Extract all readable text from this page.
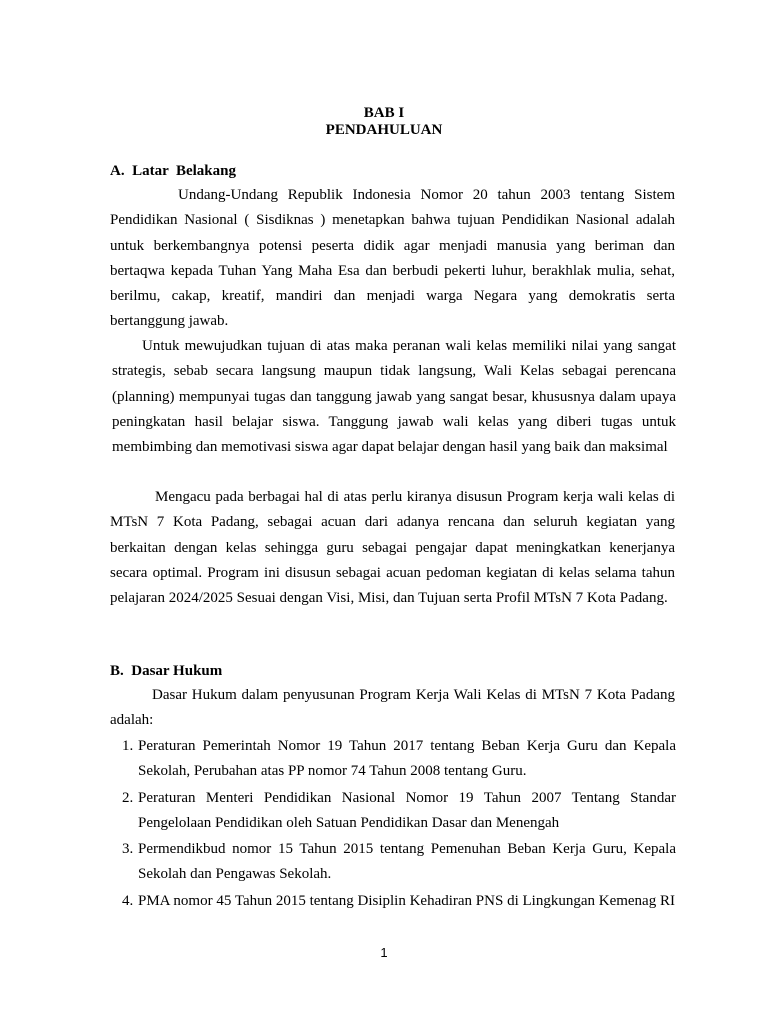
BAB I
PENDAHULUAN
A.  Latar  Belakang

Undang-Undang Republik Indonesia Nomor 20 tahun 2003 tentang Sistem Pendidikan Nasional ( Sisdiknas ) menetapkan bahwa tujuan Pendidikan Nasional adalah untuk berkembangnya potensi peserta didik agar menjadi manusia yang beriman dan bertaqwa kepada Tuhan Yang Maha Esa dan berbudi pekerti luhur, berakhlak mulia, sehat, berilmu, cakap, kreatif, mandiri dan menjadi warga Negara yang demokratis serta bertanggung jawab.

Untuk mewujudkan tujuan di atas maka peranan wali kelas memiliki nilai yang sangat strategis, sebab secara langsung maupun tidak langsung, Wali Kelas sebagai perencana (planning) mempunyai tugas dan tanggung jawab yang sangat besar, khususnya dalam upaya peningkatan hasil belajar siswa. Tanggung jawab wali kelas yang diberi tugas untuk membimbing dan memotivasi siswa agar dapat belajar dengan hasil yang baik dan maksimal

Mengacu pada berbagai hal di atas perlu kiranya disusun Program kerja wali kelas di MTsN 7 Kota Padang, sebagai acuan dari adanya rencana dan seluruh kegiatan yang berkaitan dengan kelas sehingga guru sebagai pengajar dapat meningkatkan kenerjanya secara optimal. Program ini disusun sebagai acuan pedoman kegiatan di kelas selama tahun pelajaran 2024/2025 Sesuai dengan Visi, Misi, dan Tujuan serta Profil MTsN 7 Kota Padang.

B.  Dasar Hukum

Dasar Hukum dalam penyusunan Program Kerja Wali Kelas di MTsN 7 Kota Padang adalah:

1. Peraturan Pemerintah Nomor 19 Tahun 2017 tentang Beban Kerja Guru dan Kepala Sekolah, Perubahan atas PP nomor 74 Tahun 2008 tentang Guru.
2. Peraturan Menteri Pendidikan Nasional Nomor 19 Tahun 2007 Tentang Standar Pengelolaan Pendidikan oleh Satuan Pendidikan Dasar dan Menengah
3. Permendikbud nomor 15 Tahun 2015 tentang Pemenuhan Beban Kerja Guru, Kepala Sekolah dan Pengawas Sekolah.
4. PMA nomor 45 Tahun 2015 tentang Disiplin Kehadiran PNS di Lingkungan Kemenag RI
1
